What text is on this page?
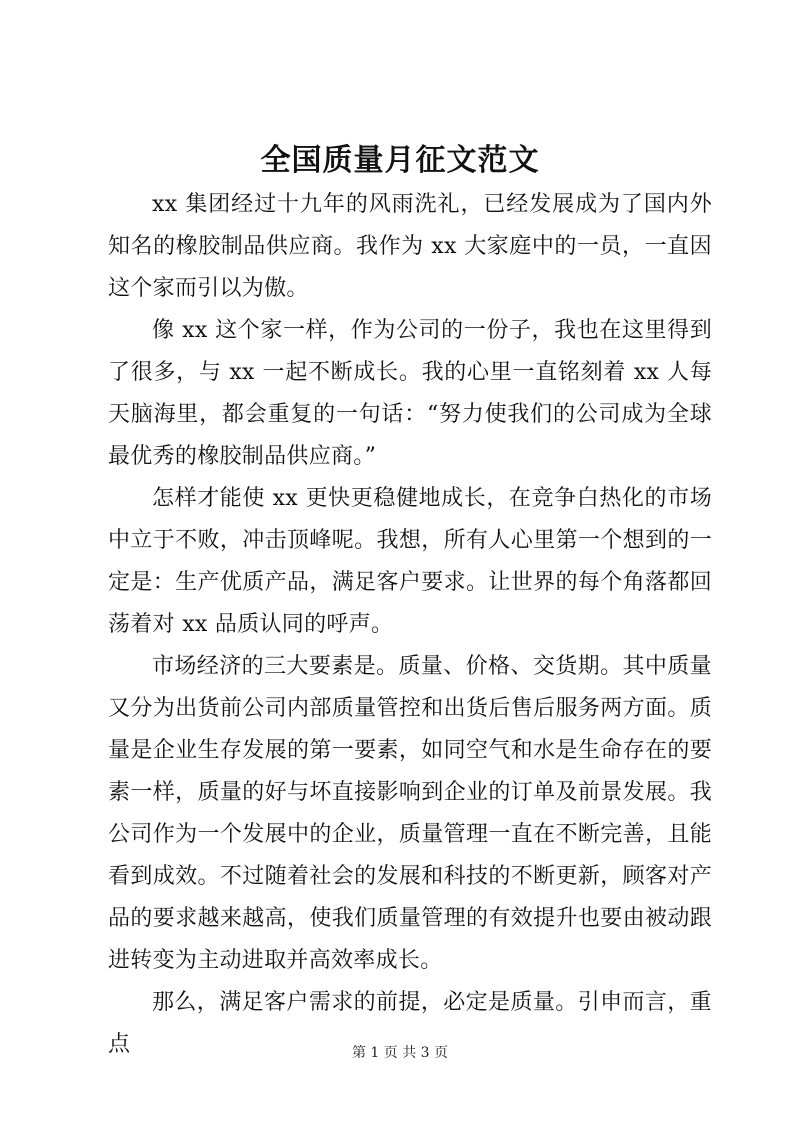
全国质量月征文范文

xx 集团经过十九年的风雨洗礼，已经发展成为了国内外知名的橡胶制品供应商。我作为 xx 大家庭中的一员，一直因这个家而引以为傲。

像 xx 这个家一样，作为公司的一份子，我也在这里得到了很多，与 xx 一起不断成长。我的心里一直铭刻着 xx 人每天脑海里，都会重复的一句话：“努力使我们的公司成为全球最优秀的橡胶制品供应商。”

怎样才能使 xx 更快更稳健地成长，在竞争白热化的市场中立于不败，冲击顶峰呢。我想，所有人心里第一个想到的一定是：生产优质产品，满足客户要求。让世界的每个角落都回荡着对 xx 品质认同的呼声。

市场经济的三大要素是。质量、价格、交货期。其中质量又分为出货前公司内部质量管控和出货后售后服务两方面。质量是企业生存发展的第一要素，如同空气和水是生命存在的要素一样，质量的好与坏直接影响到企业的订单及前景发展。我公司作为一个发展中的企业，质量管理一直在不断完善，且能看到成效。不过随着社会的发展和科技的不断更新，顾客对产品的要求越来越高，使我们质量管理的有效提升也要由被动跟进转变为主动进取并高效率成长。

那么，满足客户需求的前提，必定是质量。引申而言，重点	第 1 页 共 3 页
